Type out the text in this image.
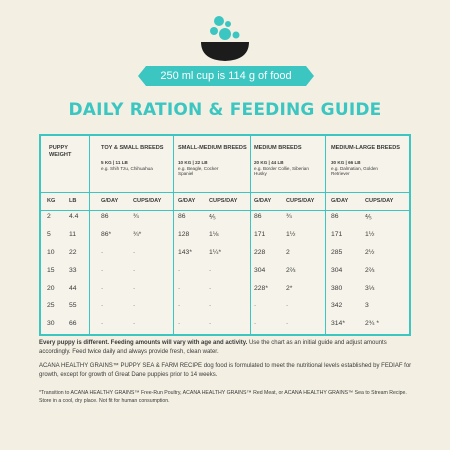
250 ml cup is 114 g of food
DAILY RATION & FEEDING GUIDE
PUPPY WEIGHT
TOY & SMALL BREEDS
5 KG | 11 LB
e.g. Shih Tzu, Chihuahua
SMALL-MEDIUM BREEDS
10 KG | 22 LB
e.g. Beagle, Cocker Spaniel
MEDIUM BREEDS
20 KG | 44 LB
e.g. Border Collie, Siberian Husky
MEDIUM-LARGE BREEDS
30 KG | 66 LB
e.g. Dalmatian, Golden Retriever
KG LB	G/DAY	CUPS/DAY	G/DAY CUPS/DAY	G/DAY	CUPS/DAY	G/DAY	CUPS/DAY
2	4.4	86	¾	86	⅘	86	¾	86	⅘
5	11	86*	¾*	128	1⅛	171	1½	171	1½
10 22	-	-	143*	1¼*	228	2	285	2½
15 33	-	-	-	-	304	2⅔	304	2⅔
20 44	-	-	-	-	228*	2*	380	3⅓
25 55	-	-	-	-	-	-	342	3
30 66	-	-	-	-	-	-	314*	2¾ *
Every puppy is different. Feeding amounts will vary with age and activity. Use the chart as an initial guide and adjust amounts accordingly. Feed twice daily and always provide fresh, clean water.
ACANA HEALTHY GRAINS™ PUPPY SEA & FARM RECIPE dog food is formulated to meet the nutritional levels established by FEDIAF for growth, except for growth of Great Dane puppies prior to 14 weeks.
*Transition to ACANA HEALTHY GRAINS™ Free-Run Poultry, ACANA HEALTHY GRAINS™ Red Meat, or ACANA HEALTHY GRAINS™ Sea to Stream Recipe. Store in a cool, dry place. Not fit for human consumption.
